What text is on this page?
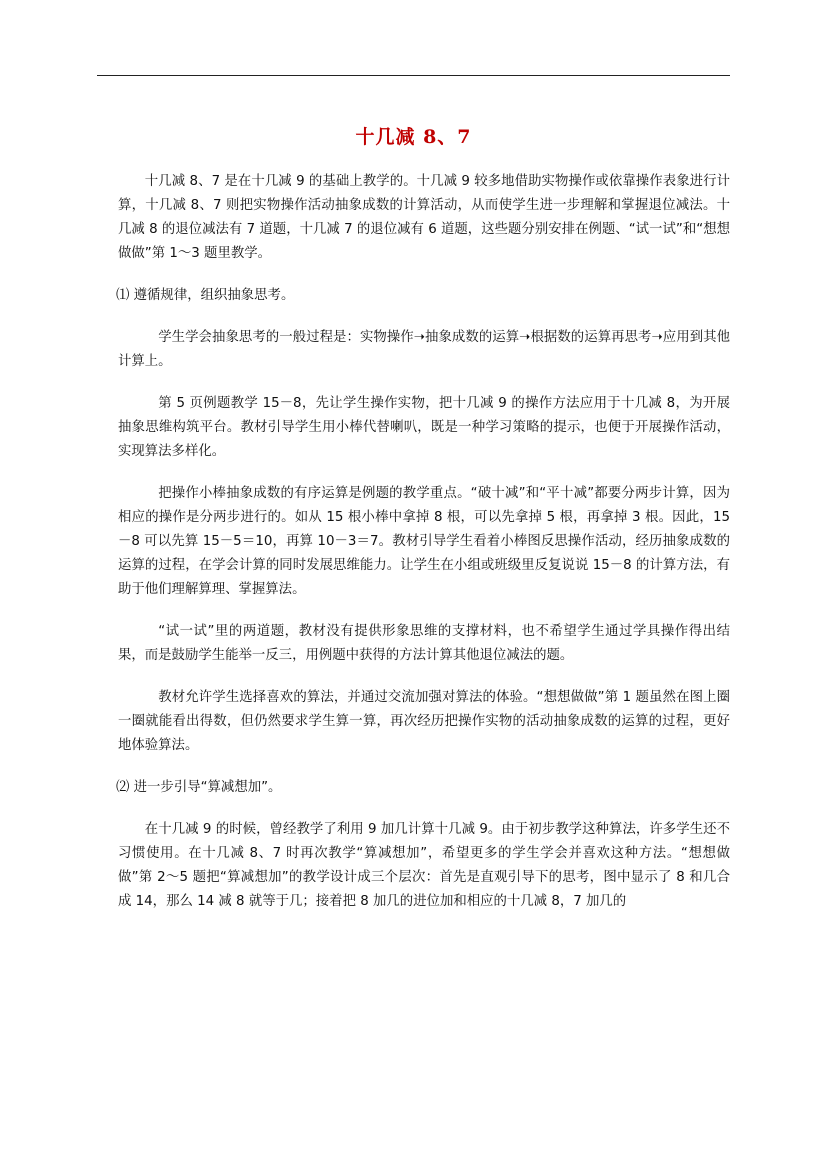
十几减 8、7

十几减 8、7 是在十几减 9 的基础上教学的。十几减 9 较多地借助实物操作或依靠操作表象进行计算，十几减 8、7 则把实物操作活动抽象成数的计算活动，从而使学生进一步理解和掌握退位减法。十几减 8 的退位减法有 7 道题，十几减 7 的退位减有 6 道题，这些题分别安排在例题、“试一试”和“想想做做”第 1～3 题里教学。

⑴ 遵循规律，组织抽象思考。

学生学会抽象思考的一般过程是：实物操作➝抽象成数的运算➝根据数的运算再思考➝应用到其他计算上。

第 5 页例题教学 15－8，先让学生操作实物，把十几减 9 的操作方法应用于十几减 8，为开展抽象思维构筑平台。教材引导学生用小棒代替喇叭，既是一种学习策略的提示，也便于开展操作活动，实现算法多样化。

把操作小棒抽象成数的有序运算是例题的教学重点。“破十减”和“平十减”都要分两步计算，因为相应的操作是分两步进行的。如从 15 根小棒中拿掉 8 根，可以先拿掉 5 根，再拿掉 3 根。因此，15－8 可以先算 15－5＝10，再算 10－3＝7。教材引导学生看着小棒图反思操作活动，经历抽象成数的运算的过程，在学会计算的同时发展思维能力。让学生在小组或班级里反复说说 15－8 的计算方法，有助于他们理解算理、掌握算法。

“试一试”里的两道题，教材没有提供形象思维的支撑材料，也不希望学生通过学具操作得出结果，而是鼓励学生能举一反三，用例题中获得的方法计算其他退位减法的题。

教材允许学生选择喜欢的算法，并通过交流加强对算法的体验。“想想做做”第 1 题虽然在图上圈一圈就能看出得数，但仍然要求学生算一算，再次经历把操作实物的活动抽象成数的运算的过程，更好地体验算法。

⑵ 进一步引导“算减想加”。

在十几减 9 的时候，曾经教学了利用 9 加几计算十几减 9。由于初步教学这种算法，许多学生还不习惯使用。在十几减 8、7 时再次教学“算减想加”，希望更多的学生学会并喜欢这种方法。“想想做做”第 2～5 题把“算减想加”的教学设计成三个层次：首先是直观引导下的思考，图中显示了 8 和几合成 14，那么 14 减 8 就等于几；接着把 8 加几的进位加和相应的十几减 8，7 加几的
